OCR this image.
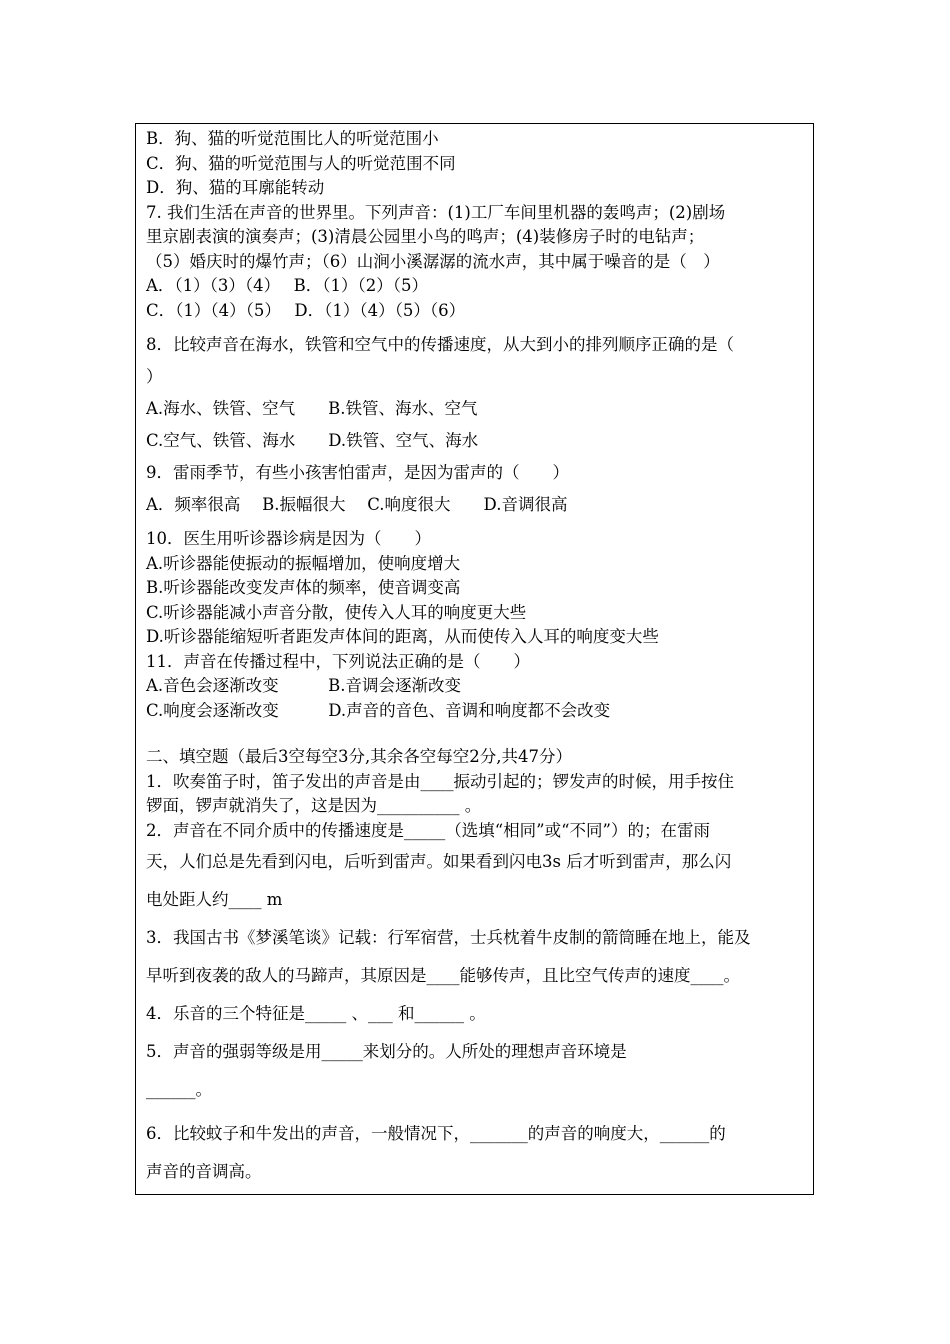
B．狗、猫的听觉范围比人的听觉范围小

C．狗、猫的听觉范围与人的听觉范围不同

D．狗、猫的耳廓能转动

7. 我们生活在声音的世界里。下列声音：(1)工厂车间里机器的轰鸣声；(2)剧场

里京剧表演的演奏声；(3)清晨公园里小鸟的鸣声；(4)装修房子时的电钻声；

（5）婚庆时的爆竹声；（6）山涧小溪潺潺的流水声，其中属于噪音的是（　）

A．（1）（3）（4）　 B．（1）（2）（5）

C．（1）（4）（5）　 D．（1）（4）（5）（6）

8．比较声音在海水，铁管和空气中的传播速度，从大到小的排列顺序正确的是（

）

A.海水、铁管、空气　　B.铁管、海水、空气

C.空气、铁管、海水　　D.铁管、空气、海水

9．雷雨季节，有些小孩害怕雷声，是因为雷声的（　　）

A．频率很高　 B.振幅很大　 C.响度很大　　D.音调很高

10．医生用听诊器诊病是因为（　　）

A.听诊器能使振动的振幅增加，使响度增大

B.听诊器能改变发声体的频率，使音调变高

C.听诊器能减小声音分散，使传入人耳的响度更大些

D.听诊器能缩短听者距发声体间的距离，从而使传入人耳的响度变大些

11．声音在传播过程中，下列说法正确的是（　　）

A.音色会逐渐改变　　　B.音调会逐渐改变

C.响度会逐渐改变　　　D.声音的音色、音调和响度都不会改变

二、填空题（最后3空每空3分,其余各空每空2分,共47分）

1．吹奏笛子时，笛子发出的声音是由____振动引起的；锣发声的时候，用手按住

锣面，锣声就消失了，这是因为__________ 。

2．声音在不同介质中的传播速度是_____（选填“相同”或“不同”）的；在雷雨

天，人们总是先看到闪电，后听到雷声。如果看到闪电3s 后才听到雷声，那么闪

电处距人约____ m

3．我国古书《梦溪笔谈》记载：行军宿营，士兵枕着牛皮制的箭筒睡在地上，能及

早听到夜袭的敌人的马蹄声，其原因是____能够传声，且比空气传声的速度____。

4．乐音的三个特征是_____ 、___ 和______ 。

5．声音的强弱等级是用_____来划分的。人所处的理想声音环境是

______。

6．比较蚊子和牛发出的声音，一般情况下，_______的声音的响度大，______的

声音的音调高。
